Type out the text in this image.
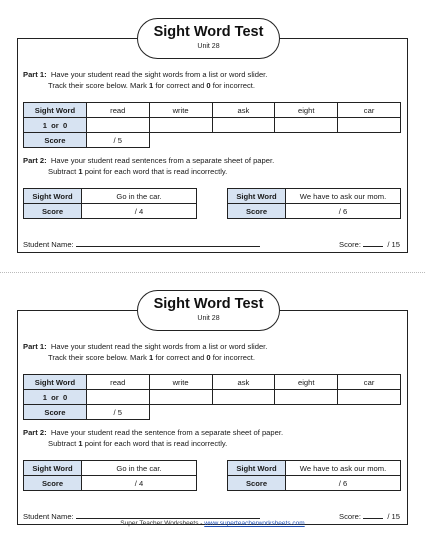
Sight Word Test
Unit 28
Part 1: Have your student read the sight words from a list or word slider.
Track their score below. Mark 1 for correct and 0 for incorrect.
Sight Word	read	write	ask	eight	car
1  or  0					
Score	/ 5				
Part 2: Have your student read sentences from a separate sheet of paper.
Subtract 1 point for each word that is read incorrectly.
Sight Word	Go in the car.
Score	/ 4
Sight Word	We have to ask our mom.
Score	/ 6
Student Name:	Score:	/ 15
Sight Word Test
Unit 28
Part 1: Have your student read the sight words from a list or word slider.
Track their score below. Mark 1 for correct and 0 for incorrect.
Sight Word	read	write	ask	eight	car
1  or  0					
Score	/ 5				
Part 2: Have your student read the sentence from a separate sheet of paper.
Subtract 1 point for each word that is read incorrectly.
Sight Word	Go in the car.
Score	/ 4
Sight Word	We have to ask our mom.
Score	/ 6
Student Name:	Score:	/ 15
Super Teacher Worksheets - www.superteacherworksheets.com
